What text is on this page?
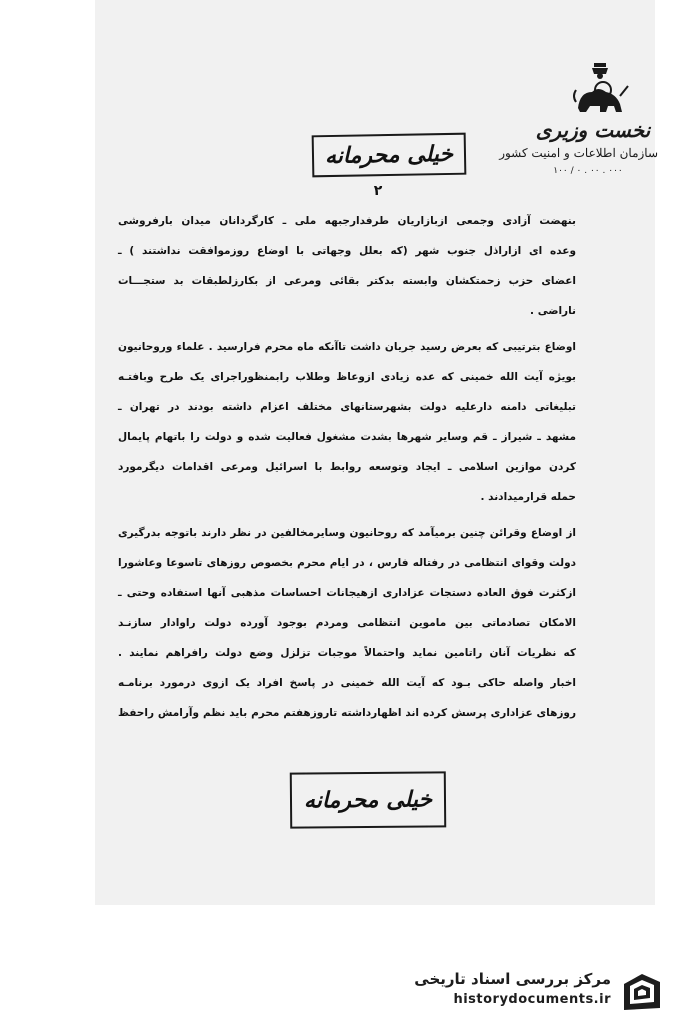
نخست وزیری
سازمان اطلاعات و امنیت کشور
۰۰۰ . ۰۰ . ۰ / ۱۰۰
خیلی محرمانه
۲
بنهضت آزادی وجمعی ازبازاریان طرفدارجبهه ملی ـ کارگردانان میدان بارفروشی
وعده ای ازاراذل جنوب شهر (که بعلل وجهاتی با اوضاع روزموافقت نداشتند ) ـ
اعضای حزب زحمتکشان وابسته بدکتر بقائی ومرعی از بکارزلطبقات بد ستجـــات
ناراضی .
اوضاع بترتیبی که بعرض رسید جریان داشت تاآنکه ماه محرم فرارسید . علماء وروحانیون
بویژه آیت الله خمینی که عده زیادی ازوعاظ وطلاب رابمنظوراجرای یک طرح وبافتـه
تبلیغاتی دامنه دارعليه دولت بشهرستانهای مختلف اعزام داشته بودند در تهران ـ
مشهد ـ شیراز ـ قم وسایر شهرها بشدت مشغول فعالیت شده و دولت را باتهام پایمال
کردن موازین اسلامی ـ ایجاد وتوسعه روابط با اسرائیل ومرعی اقدامات دیگرمورد
حمله قرارمیدادند .
از اوضاع وقرائن چنین برمیآمد که روحانیون وسایرمخالفین در نظر دارند باتوجه بدرگیری
دولت وقوای انتظامی در رفتاله فارس ، در ایام محرم بخصوص روزهای تاسوعا وعاشورا
ازکثرت فوق العاده دستجات عزاداری ازهیجانات احساسات مذهبی آنها استفاده وحتی ـ
الامکان تصادماتی بین ماموین انتظامی ومردم بوجود آورده دولت راوادار سازنـد
که نظریات آنان راتامین نماید واحتمالاً موجبات تزلزل وضع دولت رافراهم نمایند .
اخبار واصله حاکی بـود که آیت الله خمینی در پاسخ افراد یک ازوی درمورد برنامـه
روزهای عزاداری پرسش کرده اند اظهارداشته تاروزهفتم محرم باید نظم وآرامش راحفظ
خیلی محرمانه
مرکز بررسی اسناد تاریخی
historydocuments.ir
